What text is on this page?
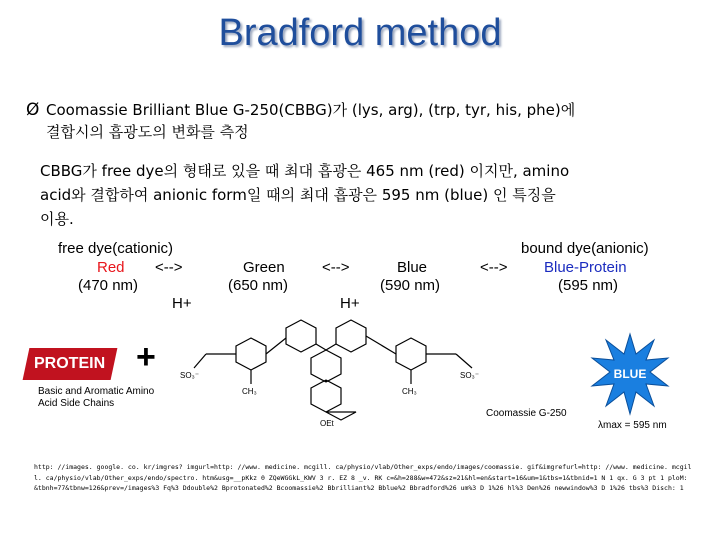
Bradford method
Ø Coomassie Brilliant Blue G-250(CBBG)가 (lys, arg), (trp, tyr, his, phe)에
결합시의 흡광도의 변화를 측정
CBBG가 free dye의 형태로 있을 때 최대 흡광은 465 nm (red) 이지만, amino
acid와 결합하여 anionic form일 때의 최대 흡광은 595 nm (blue) 인 특징을
이용.
free dye(cationic)
Red <-->
(470 nm)
H+
Green
(650 nm)
<-->
H+
Blue
(590 nm)
<-->
bound dye(anionic)
Blue-Protein
(595 nm)
PROTEIN +
Basic and Aromatic Amino Acid Side Chains
SO₃⁻	SO₃⁻
CH₃	CH₃
OEt
Coomassie G-250
BLUE
λmax = 595 nm
http: //images. google. co. kr/imgres? imgurl=http: //www. medicine. mcgill. ca/physio/vlab/Other_exps/endo/images/coomassie. gif&imgrefurl=http: //www. medicine. mcgill. ca/physio/vlab/Other_exps/endo/spectro. htm&usg=__pKkz 0 ZQeWGGkL_KWV 3 r. EZ 8 _v. RK c=&h=288&w=472&sz=21&hl=en&start=16&um=1&tbs=1&tbnid=1 N 1 qx. G 3 pt 1 ploM: &tbnh=77&tbnw=126&prev=/images%3 Fq%3 Ddouble%2 Bprotonated%2 Bcoomassie%2 Bbrilliant%2 Bblue%2 Bbradford%26 um%3 D 1%26 hl%3 Den%26 newwindow%3 D 1%26 tbs%3 Disch: 1
